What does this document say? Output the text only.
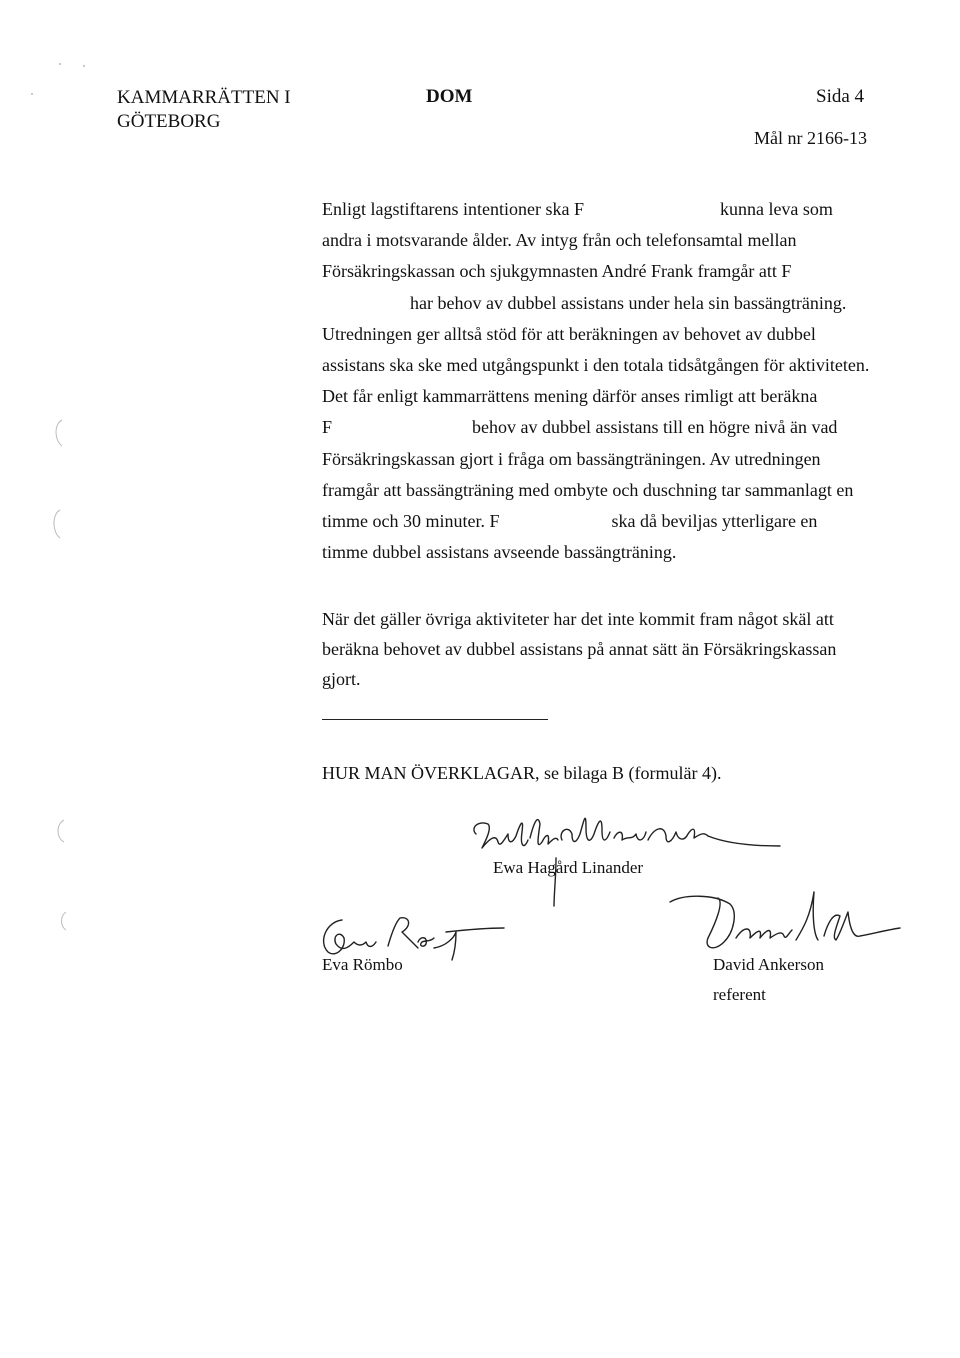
KAMMARRÄTTEN I
GÖTEBORG
DOM	Sida 4
Mål nr 2166-13
Enligt lagstiftarens intentioner ska F	kunna leva som
andra i motsvarande ålder. Av intyg från och telefonsamtal mellan
Försäkringskassan och sjukgymnasten André Frank framgår att F
har behov av dubbel assistans under hela sin bassängträning.
Utredningen ger alltså stöd för att beräkningen av behovet av dubbel
assistans ska ske med utgångspunkt i den totala tidsåtgången för aktiviteten.
Det får enligt kammarrättens mening därför anses rimligt att beräkna
F	behov av dubbel assistans till en högre nivå än vad
Försäkringskassan gjort i fråga om bassängträningen. Av utredningen
framgår att bassängträning med ombyte och duschning tar sammanlagt en
timme och 30 minuter. F	ska då beviljas ytterligare en
timme dubbel assistans avseende bassängträning.
När det gäller övriga aktiviteter har det inte kommit fram något skäl att
beräkna behovet av dubbel assistans på annat sätt än Försäkringskassan
gjort.
HUR MAN ÖVERKLAGAR, se bilaga B (formulär 4).
Ewa Hagård Linander
Eva Römbo	David Ankerson
referent
